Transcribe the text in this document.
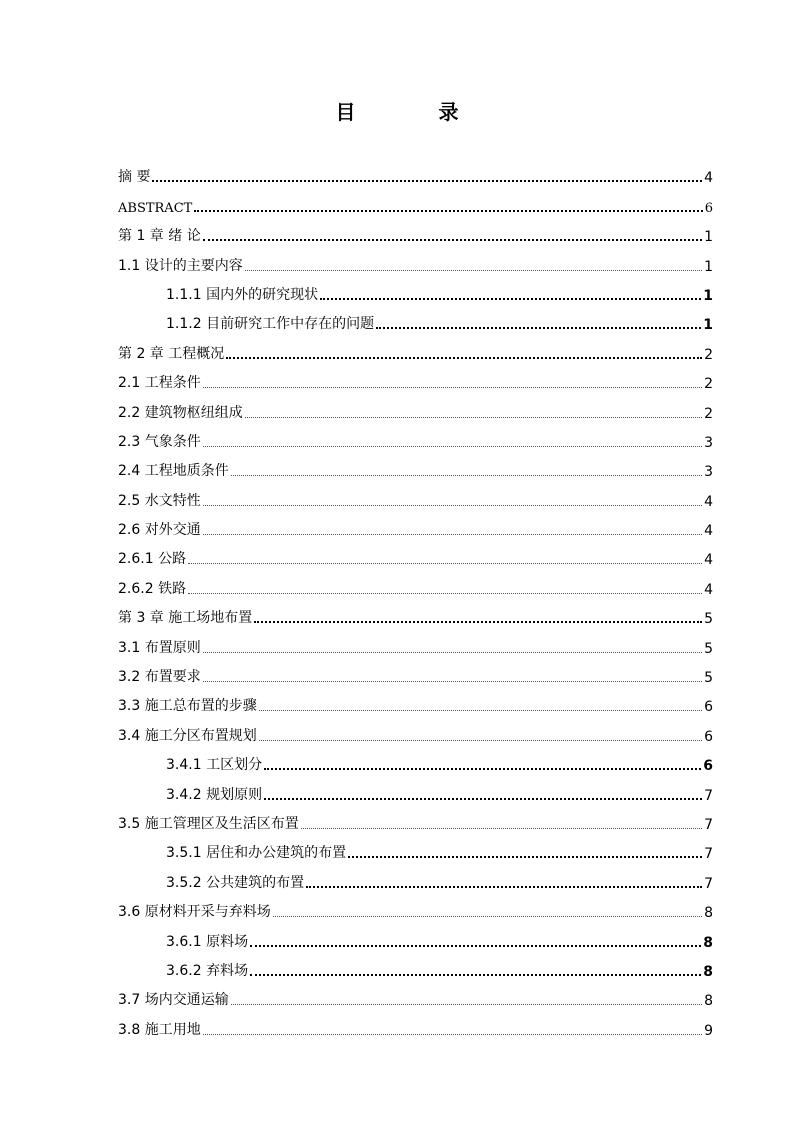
目 录
摘 要	4
ABSTRACT	6
第 1 章 绪 论	1
1.1 设计的主要内容	1
1.1.1 国内外的研究现状	1
1.1.2 目前研究工作中存在的问题	1
第 2 章 工程概况	2
2.1 工程条件	2
2.2 建筑物枢纽组成	2
2.3 气象条件	3
2.4 工程地质条件	3
2.5 水文特性	4
2.6 对外交通	4
2.6.1 公路	4
2.6.2 铁路	4
第 3 章 施工场地布置	5
3.1 布置原则	5
3.2 布置要求	5
3.3 施工总布置的步骤	6
3.4 施工分区布置规划	6
3.4.1 工区划分	6
3.4.2 规划原则	7
3.5 施工管理区及生活区布置	7
3.5.1 居住和办公建筑的布置	7
3.5.2 公共建筑的布置	7
3.6 原材料开采与弃料场	8
3.6.1 原料场	8
3.6.2 弃料场	8
3.7 场内交通运输	8
3.8 施工用地	9
